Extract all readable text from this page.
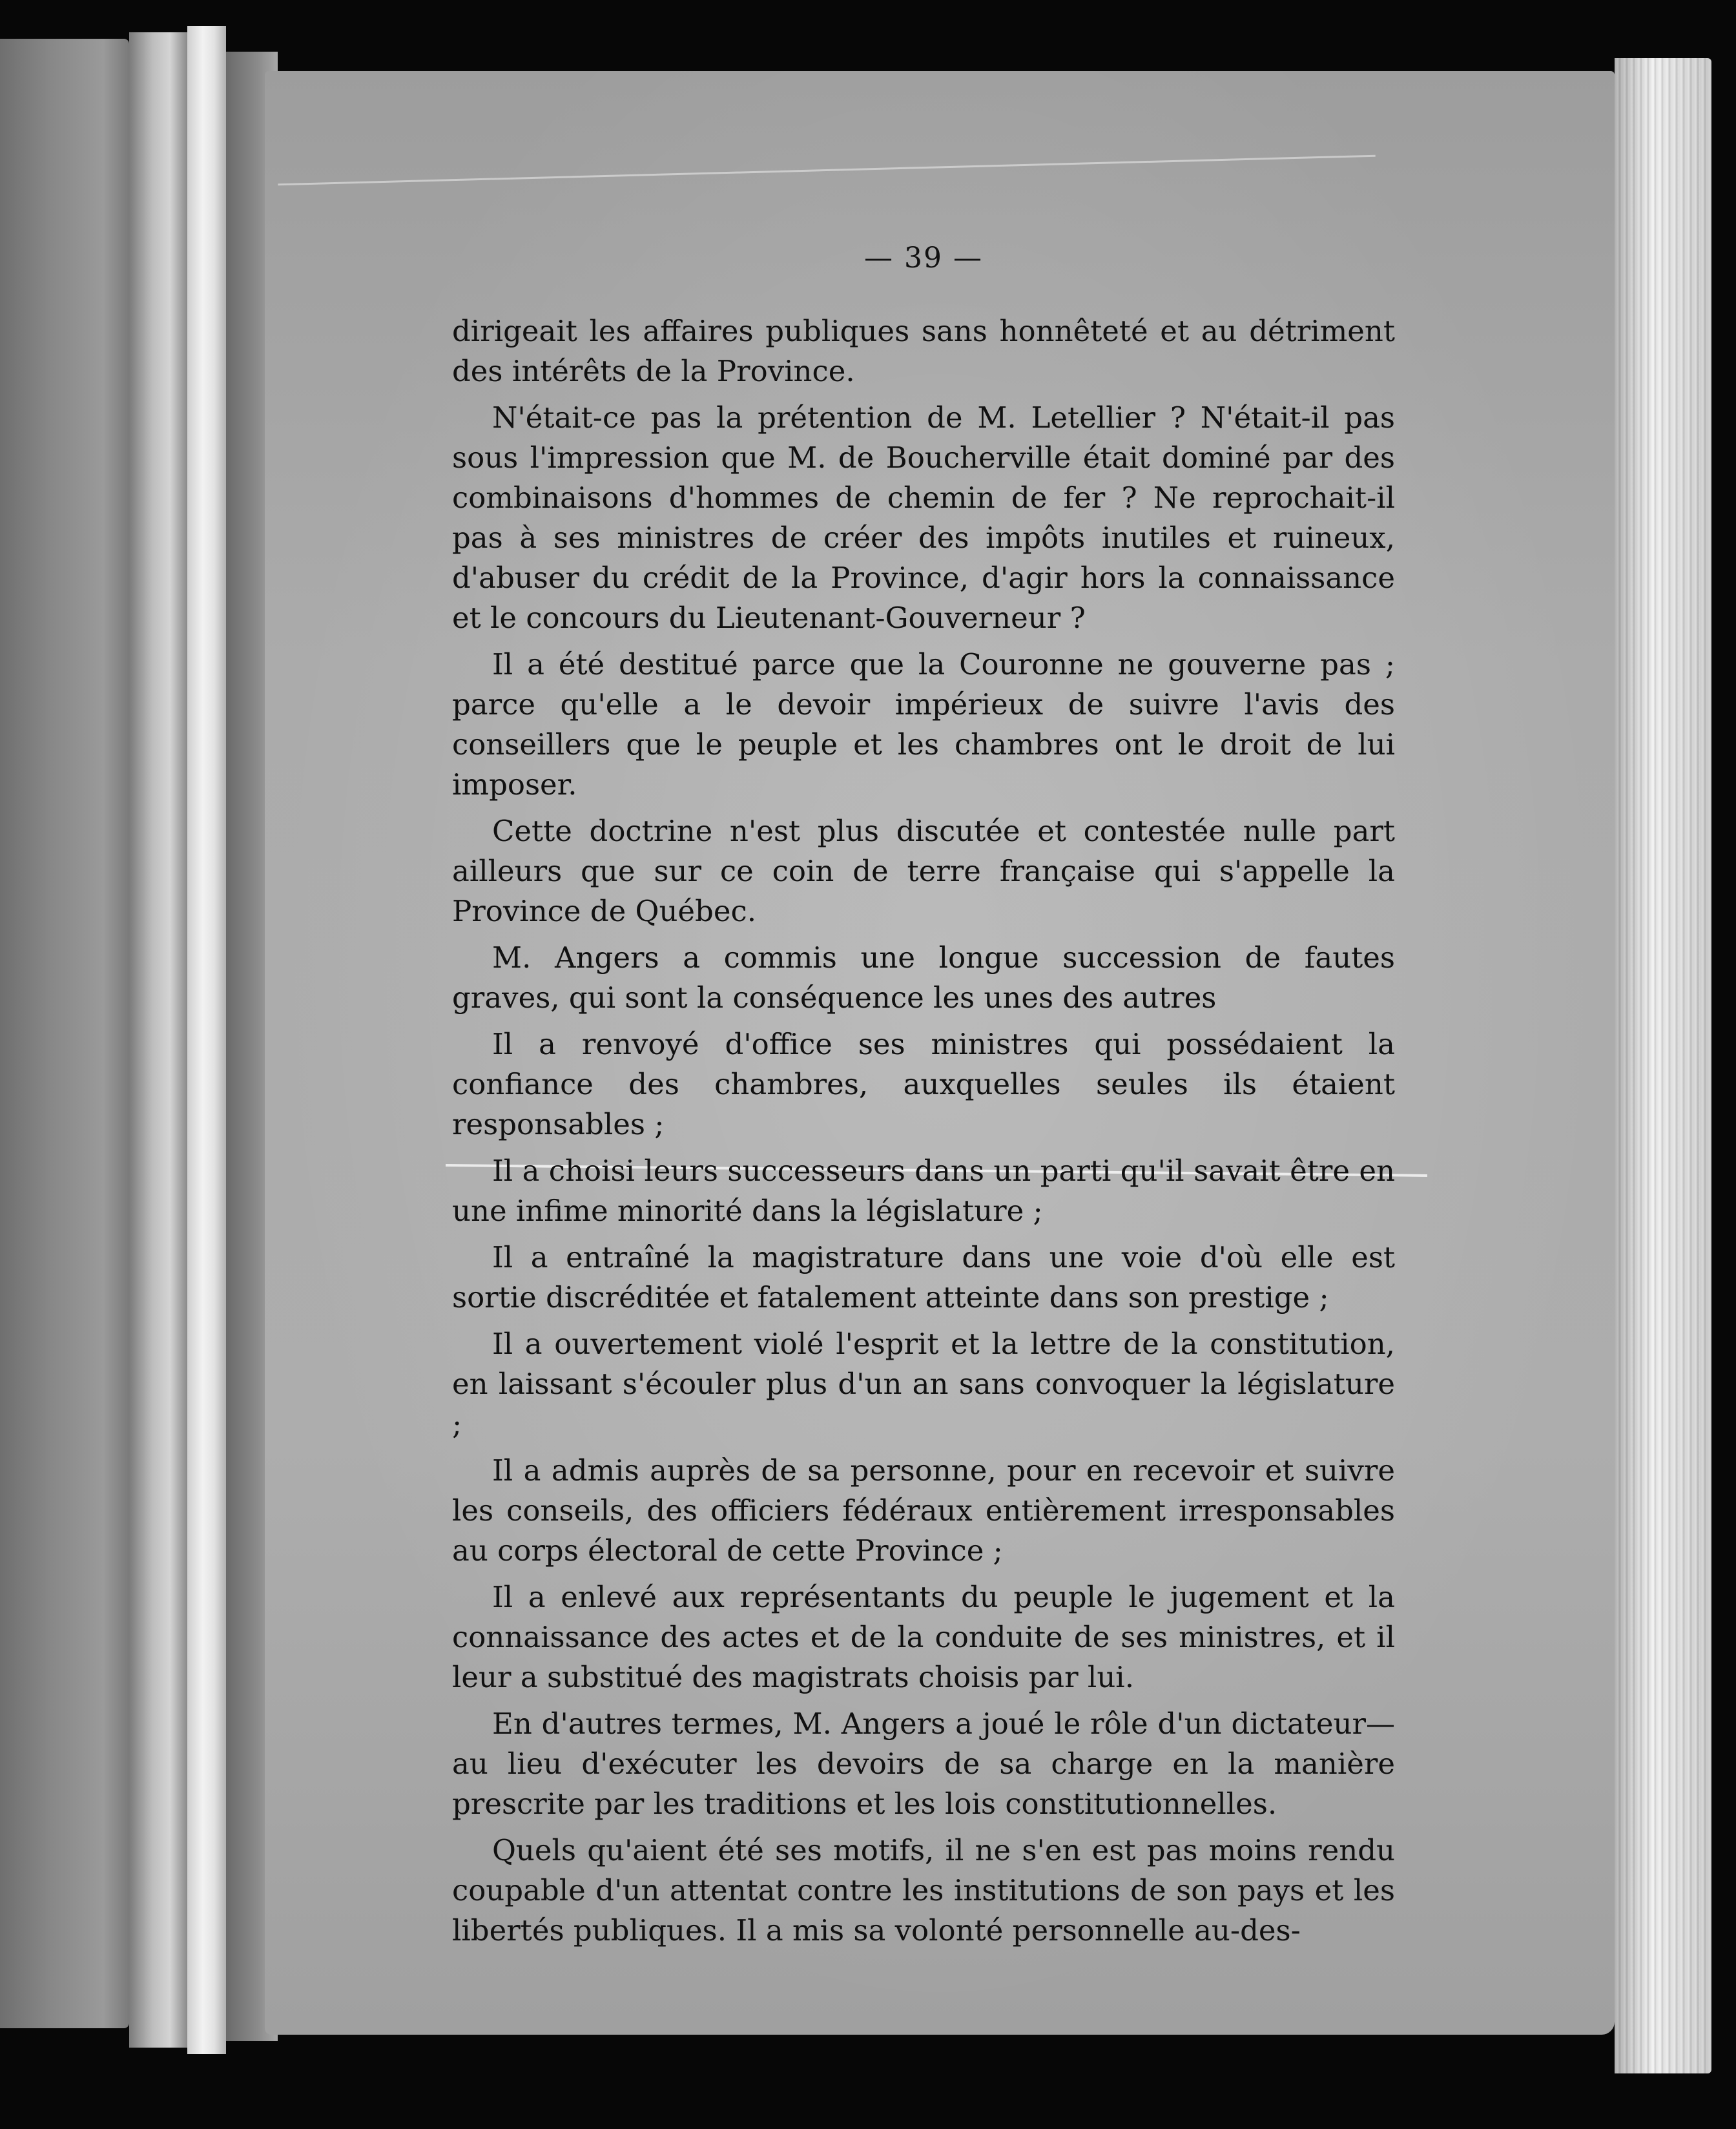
— 39 —

dirigeait les affaires publiques sans honnêteté et au détriment des intérêts de la Province.

N'était-ce pas la prétention de M. Letellier ? N'était-il pas sous l'impression que M. de Boucherville était dominé par des combinaisons d'hommes de chemin de fer ? Ne reprochait-il pas à ses ministres de créer des impôts inutiles et ruineux, d'abuser du crédit de la Province, d'agir hors la connaissance et le concours du Lieutenant-Gouverneur ?

Il a été destitué parce que la Couronne ne gouverne pas ; parce qu'elle a le devoir impérieux de suivre l'avis des conseillers que le peuple et les chambres ont le droit de lui imposer.

Cette doctrine n'est plus discutée et contestée nulle part ailleurs que sur ce coin de terre française qui s'appelle la Province de Québec.

M. Angers a commis une longue succession de fautes graves, qui sont la conséquence les unes des autres

Il a renvoyé d'office ses ministres qui possédaient la confiance des chambres, auxquelles seules ils étaient responsables ;

Il a choisi leurs successeurs dans un parti qu'il savait être en une infime minorité dans la législature ;

Il a entraîné la magistrature dans une voie d'où elle est sortie discréditée et fatalement atteinte dans son prestige ;

Il a ouvertement violé l'esprit et la lettre de la constitution, en laissant s'écouler plus d'un an sans convoquer la législature ;

Il a admis auprès de sa personne, pour en recevoir et suivre les conseils, des officiers fédéraux entièrement irresponsables au corps électoral de cette Province ;

Il a enlevé aux représentants du peuple le jugement et la connaissance des actes et de la conduite de ses ministres, et il leur a substitué des magistrats choisis par lui.

En d'autres termes, M. Angers a joué le rôle d'un dictateur— au lieu d'exécuter les devoirs de sa charge en la manière prescrite par les traditions et les lois constitutionnelles.

Quels qu'aient été ses motifs, il ne s'en est pas moins rendu coupable d'un attentat contre les institutions de son pays et les libertés publiques. Il a mis sa volonté personnelle au-des-
